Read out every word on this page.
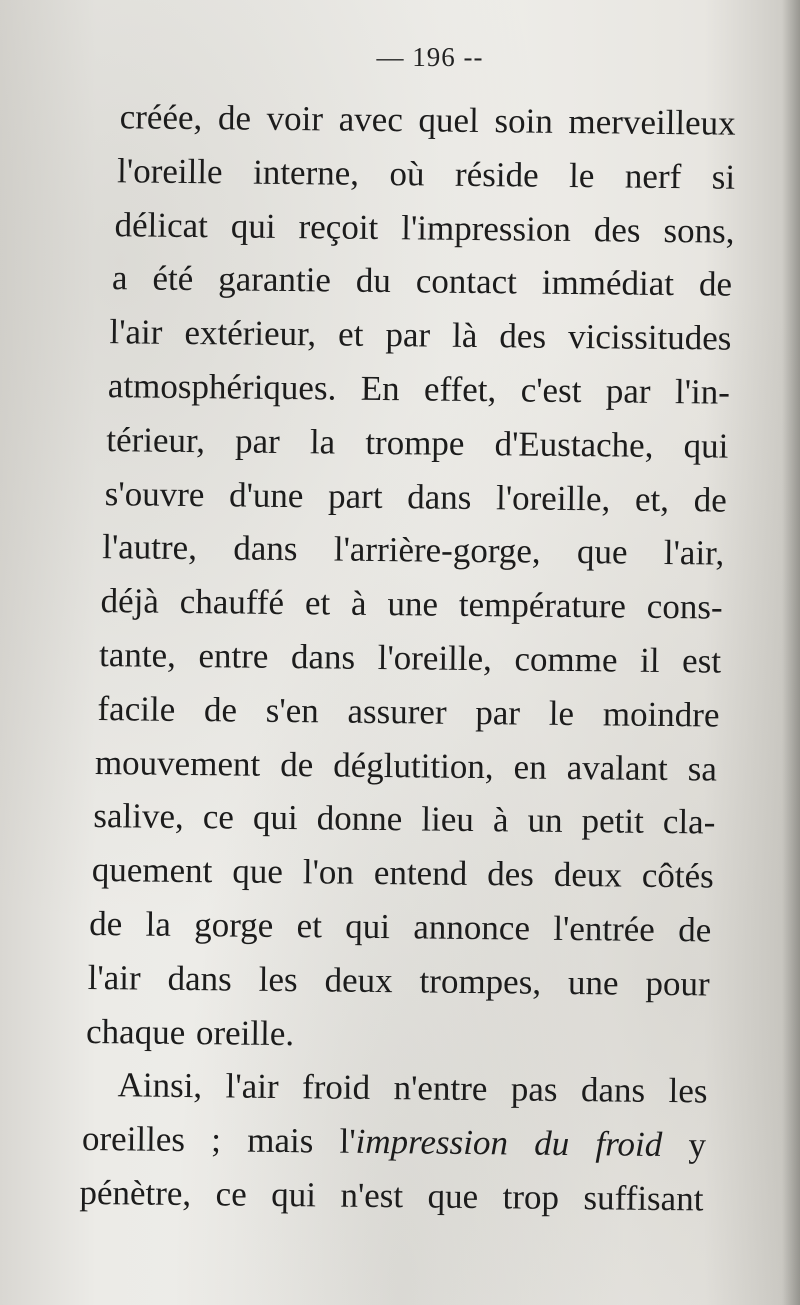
— 196 --
créée, de voir avec quel soin merveilleux
l'oreille interne, où réside le nerf si
délicat qui reçoit l'impression des sons,
a été garantie du contact immédiat de
l'air extérieur, et par là des vicissitudes
atmosphériques. En effet, c'est par l'in-
térieur, par la trompe d'Eustache, qui
s'ouvre d'une part dans l'oreille, et, de
l'autre, dans l'arrière-gorge, que l'air,
déjà chauffé et à une température cons-
tante, entre dans l'oreille, comme il est
facile de s'en assurer par le moindre
mouvement de déglutition, en avalant sa
salive, ce qui donne lieu à un petit cla-
quement que l'on entend des deux côtés
de la gorge et qui annonce l'entrée de
l'air dans les deux trompes, une pour
chaque oreille.
Ainsi, l'air froid n'entre pas dans les
oreilles ; mais l'impression du froid y
pénètre, ce qui n'est que trop suffisant
